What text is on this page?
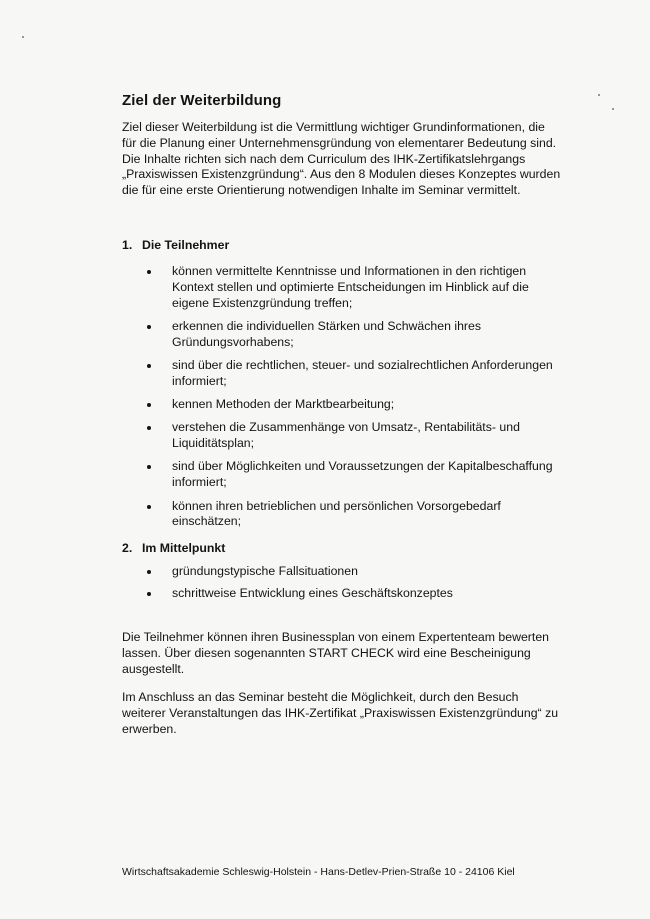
Ziel der Weiterbildung

Ziel dieser Weiterbildung ist die Vermittlung wichtiger Grundinformationen, die für die Planung einer Unternehmensgründung von elementarer Bedeutung sind. Die Inhalte richten sich nach dem Curriculum des IHK-Zertifikatslehrgangs „Praxiswissen Existenzgründung“. Aus den 8 Modulen dieses Konzeptes wurden die für eine erste Orientierung notwendigen Inhalte im Seminar vermittelt.

1. Die Teilnehmer
können vermittelte Kenntnisse und Informationen in den richtigen Kontext stellen und optimierte Entscheidungen im Hinblick auf die eigene Existenzgründung treffen;
erkennen die individuellen Stärken und Schwächen ihres Gründungsvorhabens;
sind über die rechtlichen, steuer- und sozialrechtlichen Anforderungen informiert;
kennen Methoden der Marktbearbeitung;
verstehen die Zusammenhänge von Umsatz-, Rentabilitäts- und Liquiditätsplan;
sind über Möglichkeiten und Voraussetzungen der Kapitalbeschaffung informiert;
können ihren betrieblichen und persönlichen Vorsorgebedarf einschätzen;
2. Im Mittelpunkt
gründungstypische Fallsituationen
schrittweise Entwicklung eines Geschäftskonzeptes

Die Teilnehmer können ihren Businessplan von einem Expertenteam bewerten lassen. Über diesen sogenannten START CHECK wird eine Bescheinigung ausgestellt.

Im Anschluss an das Seminar besteht die Möglichkeit, durch den Besuch weiterer Veranstaltungen das IHK-Zertifikat „Praxiswissen Existenzgründung“ zu erwerben.

Wirtschaftsakademie Schleswig-Holstein - Hans-Detlev-Prien-Straße 10 - 24106 Kiel
